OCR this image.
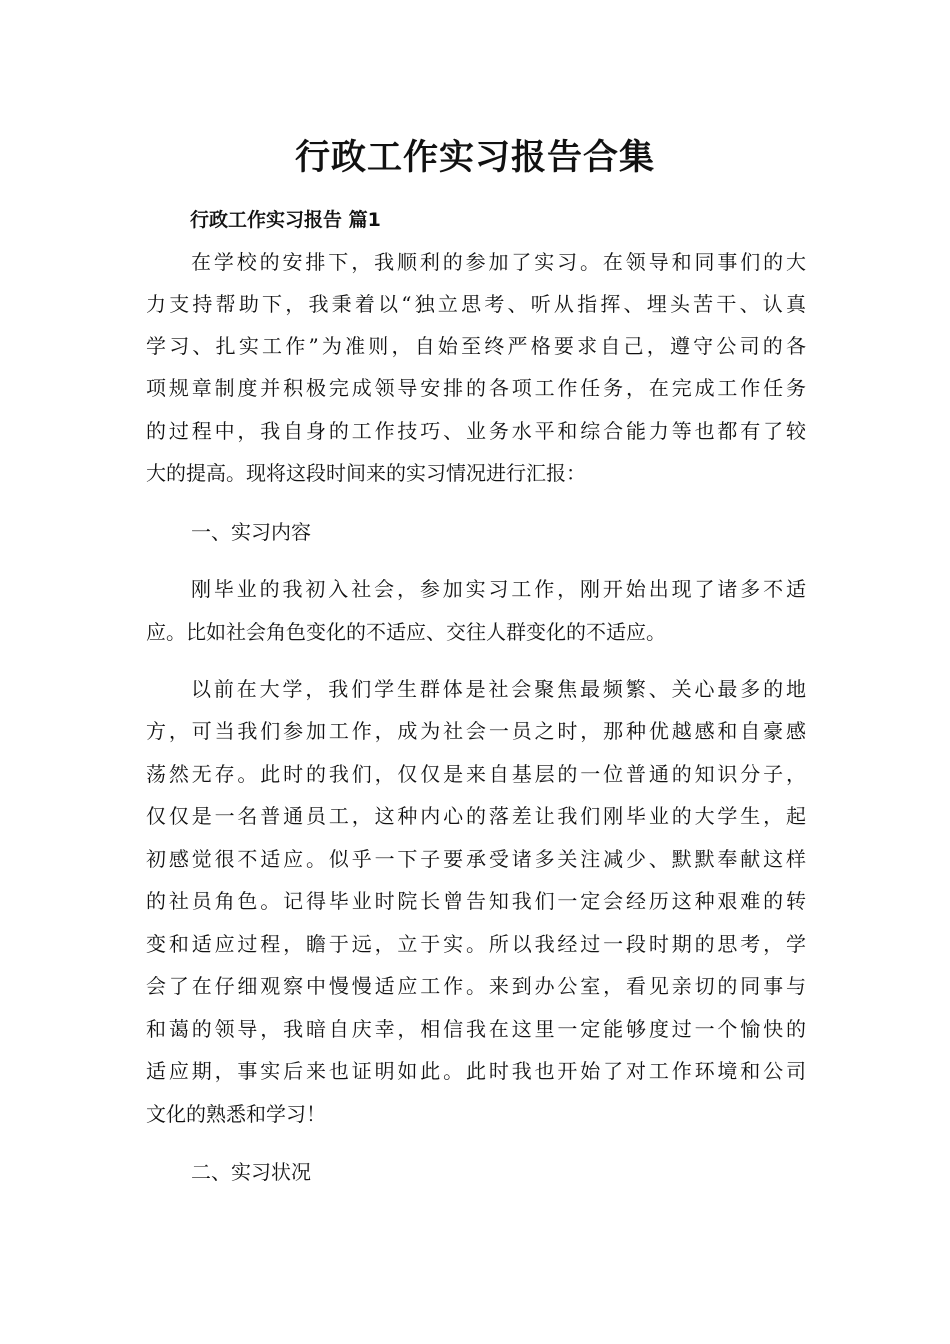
行政工作实习报告合集
行政工作实习报告 篇1
在学校的安排下，我顺利的参加了实习。在领导和同事们的大
力支持帮助下，我秉着以“独立思考、听从指挥、埋头苦干、认真
学习、扎实工作”为准则，自始至终严格要求自己，遵守公司的各
项规章制度并积极完成领导安排的各项工作任务，在完成工作任务
的过程中，我自身的工作技巧、业务水平和综合能力等也都有了较
大的提高。现将这段时间来的实习情况进行汇报：
一、实习内容
刚毕业的我初入社会，参加实习工作，刚开始出现了诸多不适
应。比如社会角色变化的不适应、交往人群变化的不适应。
以前在大学，我们学生群体是社会聚焦最频繁、关心最多的地
方，可当我们参加工作，成为社会一员之时，那种优越感和自豪感
荡然无存。此时的我们，仅仅是来自基层的一位普通的知识分子，
仅仅是一名普通员工，这种内心的落差让我们刚毕业的大学生，起
初感觉很不适应。似乎一下子要承受诸多关注减少、默默奉献这样
的社员角色。记得毕业时院长曾告知我们一定会经历这种艰难的转
变和适应过程，瞻于远，立于实。所以我经过一段时期的思考，学
会了在仔细观察中慢慢适应工作。来到办公室，看见亲切的同事与
和蔼的领导，我暗自庆幸，相信我在这里一定能够度过一个愉快的
适应期，事实后来也证明如此。此时我也开始了对工作环境和公司
文化的熟悉和学习！
二、实习状况
